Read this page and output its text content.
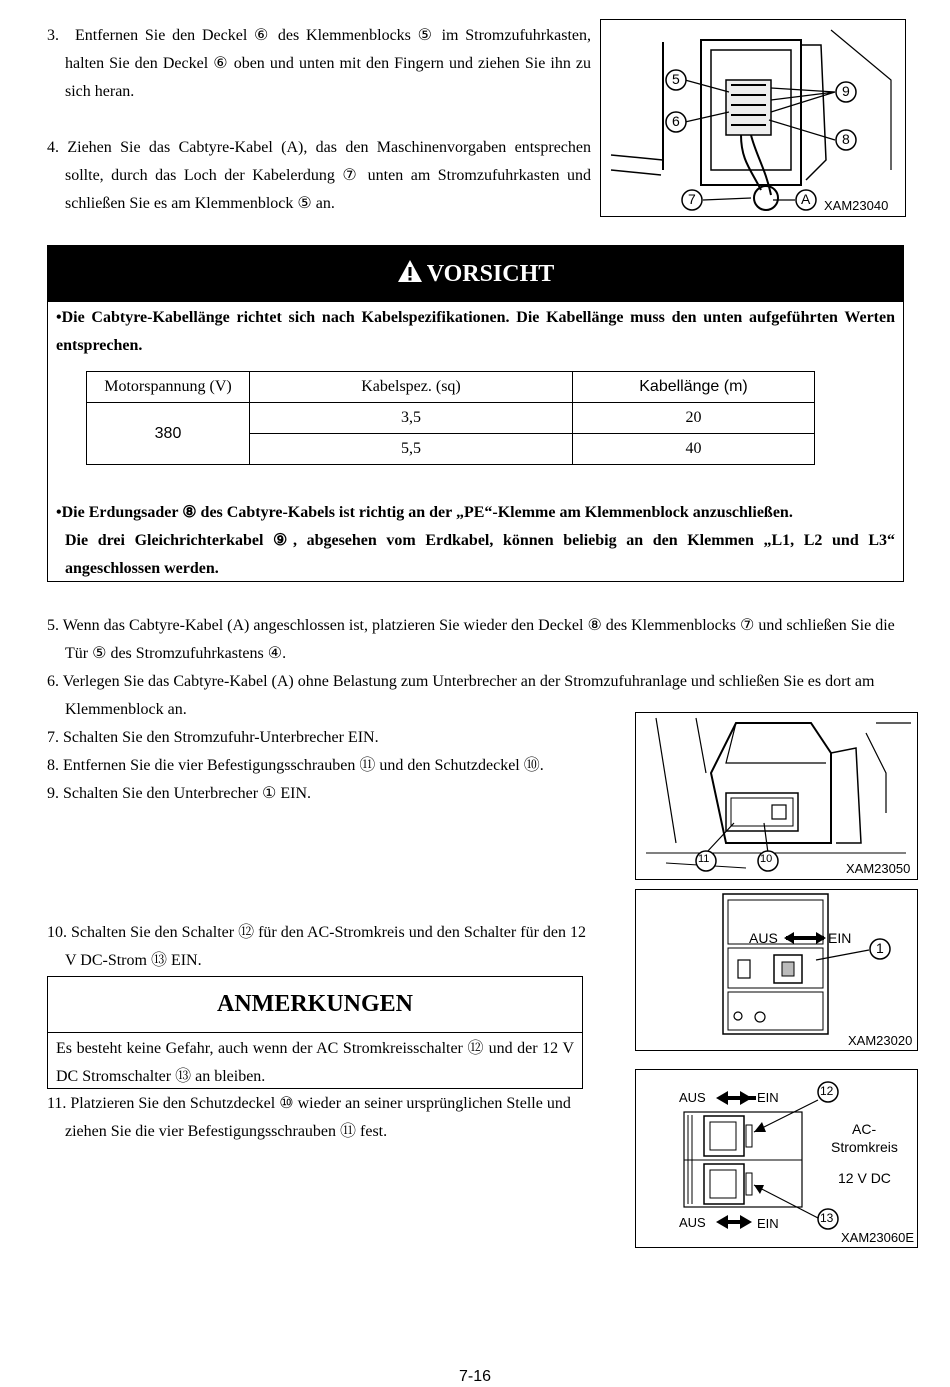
3. Entfernen Sie den Deckel ⑥ des Klemmenblocks ⑤ im Stromzufuhrkasten, halten Sie den Deckel ⑥ oben und unten mit den Fingern und ziehen Sie ihn zu sich heran.
4. Ziehen Sie das Cabtyre-Kabel (A), das den Maschinenvorgaben entsprechen sollte, durch das Loch der Kabelerdung ⑦ unten am Stromzufuhrkasten und schließen Sie es am Klemmenblock ⑤ an.
5
6
9
8
7	A XAM23040
VORSICHT
•Die Cabtyre-Kabellänge richtet sich nach Kabelspezifikationen. Die Kabellänge muss den unten aufgeführten Werten entsprechen.
Motorspannung (V)	Kabelspez. (sq)	Kabellänge (m)
380	3,5	20
	5,5	40
•Die Erdungsader ⑧ des Cabtyre-Kabels ist richtig an der „PE“-Klemme am Klemmenblock anzuschließen.
Die drei Gleichrichterkabel ⑨, abgesehen vom Erdkabel, können beliebig an den Klemmen „L1, L2 und L3“ angeschlossen werden.
5. Wenn das Cabtyre-Kabel (A) angeschlossen ist, platzieren Sie wieder den Deckel ⑧ des Klemmenblocks ⑦ und schließen Sie die Tür ⑤ des Stromzufuhrkastens ④.
6. Verlegen Sie das Cabtyre-Kabel (A) ohne Belastung zum Unterbrecher an der Stromzufuhranlage und schließen Sie es dort am Klemmenblock an.
7. Schalten Sie den Stromzufuhr-Unterbrecher EIN.
8. Entfernen Sie die vier Befestigungsschrauben ⑪ und den Schutzdeckel ⑩.
9. Schalten Sie den Unterbrecher ① EIN.
11	10
XAM23050
AUS	EIN
1
XAM23020
10. Schalten Sie den Schalter ⑫ für den AC-Stromkreis und den Schalter für den 12 V DC-Strom ⑬ EIN.
ANMERKUNGEN
Es besteht keine Gefahr, auch wenn der AC Stromkreisschalter ⑫ und der 12 V DC Stromschalter ⑬ an bleiben.
11. Platzieren Sie den Schutzdeckel ⑩ wieder an seiner ursprünglichen Stelle und ziehen Sie die vier Befestigungsschrauben ⑪ fest.
AUS	EIN
AUS	EIN
12
13
AC-
Stromkreis
12 V DC
XAM23060E
7-16
